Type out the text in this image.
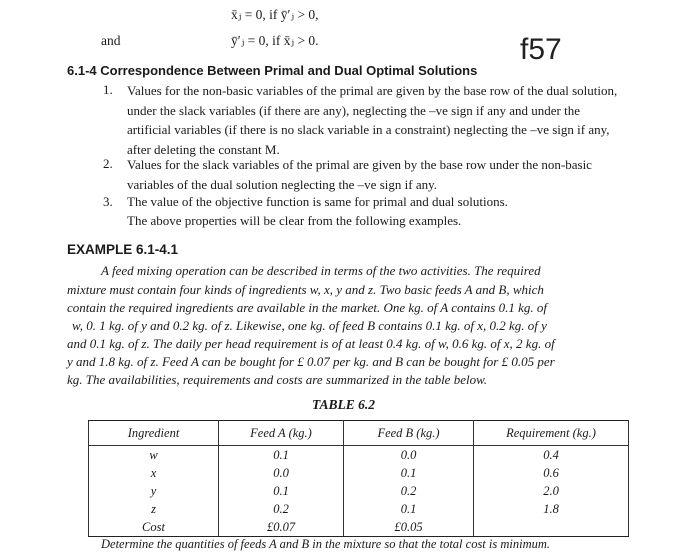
x̄ⱼ = 0, if ȳ′ⱼ > 0,
and	ȳ′ⱼ = 0, if x̄ⱼ > 0.	f57
6.1-4 Correspondence Between Primal and Dual Optimal Solutions
1. Values for the non-basic variables of the primal are given by the base row of the dual solution, under the slack variables (if there are any), neglecting the –ve sign if any and under the artificial variables (if there is no slack variable in a constraint) neglecting the –ve sign if any, after deleting the constant M.
2. Values for the slack variables of the primal are given by the base row under the non-basic variables of the dual solution neglecting the –ve sign if any.
3. The value of the objective function is same for primal and dual solutions.
The above properties will be clear from the following examples.
EXAMPLE 6.1-4.1
A feed mixing operation can be described in terms of the two activities. The required
mixture must contain four kinds of ingredients w, x, y and z. Two basic feeds A and B, which
contain the required ingredients are available in the market. One kg. of A contains 0.1 kg. of
w, 0. 1 kg. of y and 0.2 kg. of z. Likewise, one kg. of feed B contains 0.1 kg. of x, 0.2 kg. of y
and 0.1 kg. of z. The daily per head requirement is of at least 0.4 kg. of w, 0.6 kg. of x, 2 kg. of
y and 1.8 kg. of z. Feed A can be bought for £ 0.07 per kg. and B can be bought for £ 0.05 per
kg. The availabilities, requirements and costs are summarized in the table below.
TABLE 6.2
Ingredient	Feed A (kg.)	Feed B (kg.)	Requirement (kg.)
w	0.1	0.0	0.4
x	0.0	0.1	0.6
y	0.1	0.2	2.0
z	0.2	0.1	1.8
Cost	£0.07	£0.05	
Determine the quantities of feeds A and B in the mixture so that the total cost is minimum.
